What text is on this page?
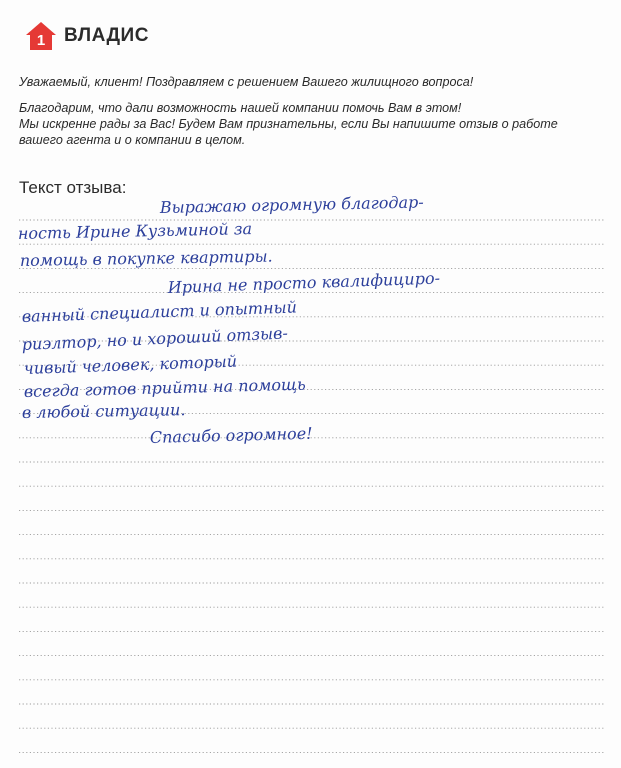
1 ВЛАДИС

Уважаемый, клиент! Поздравляем с решением Вашего жилищного вопроса!

Благодарим, что дали возможность нашей компании помочь Вам в этом!

Мы искренне рады за Вас! Будем Вам признательны, если Вы напишите отзыв о работе

вашего агента и о компании в целом.

Текст отзыва:
Выражаю огромную благодар-
ность Ирине Кузьминой за
помощь в покупке квартиры.
Ирина не просто квалифициро-
ванный специалист и опытный
риэлтор, но и хороший отзыв-
чивый человек, который
всегда готов прийти на помощь
в любой ситуации.
Спасибо огромное!
